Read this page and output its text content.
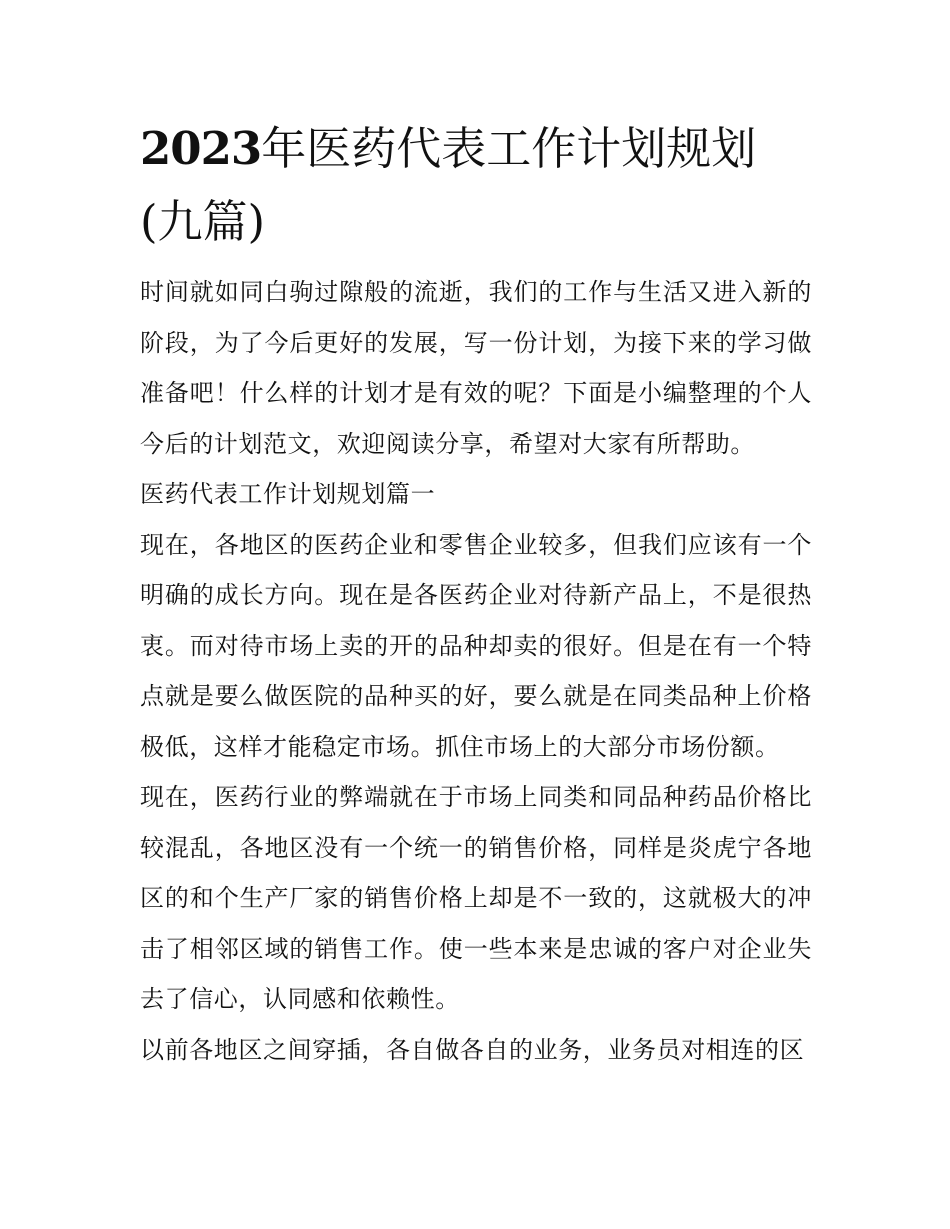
2023年医药代表工作计划规划(九篇)

时间就如同白驹过隙般的流逝，我们的工作与生活又进入新的阶段，为了今后更好的发展，写一份计划，为接下来的学习做准备吧！什么样的计划才是有效的呢？下面是小编整理的个人今后的计划范文，欢迎阅读分享，希望对大家有所帮助。

医药代表工作计划规划篇一

现在，各地区的医药企业和零售企业较多，但我们应该有一个明确的成长方向。现在是各医药企业对待新产品上，不是很热衷。而对待市场上卖的开的品种却卖的很好。但是在有一个特点就是要么做医院的品种买的好，要么就是在同类品种上价格极低，这样才能稳定市场。抓住市场上的大部分市场份额。

现在，医药行业的弊端就在于市场上同类和同品种药品价格比较混乱，各地区没有一个统一的销售价格，同样是炎虎宁各地区的和个生产厂家的销售价格上却是不一致的，这就极大的冲击了相邻区域的销售工作。使一些本来是忠诚的客户对企业失去了信心，认同感和依赖性。

以前各地区之间穿插，各自做各自的业务，业务员对相连的区
